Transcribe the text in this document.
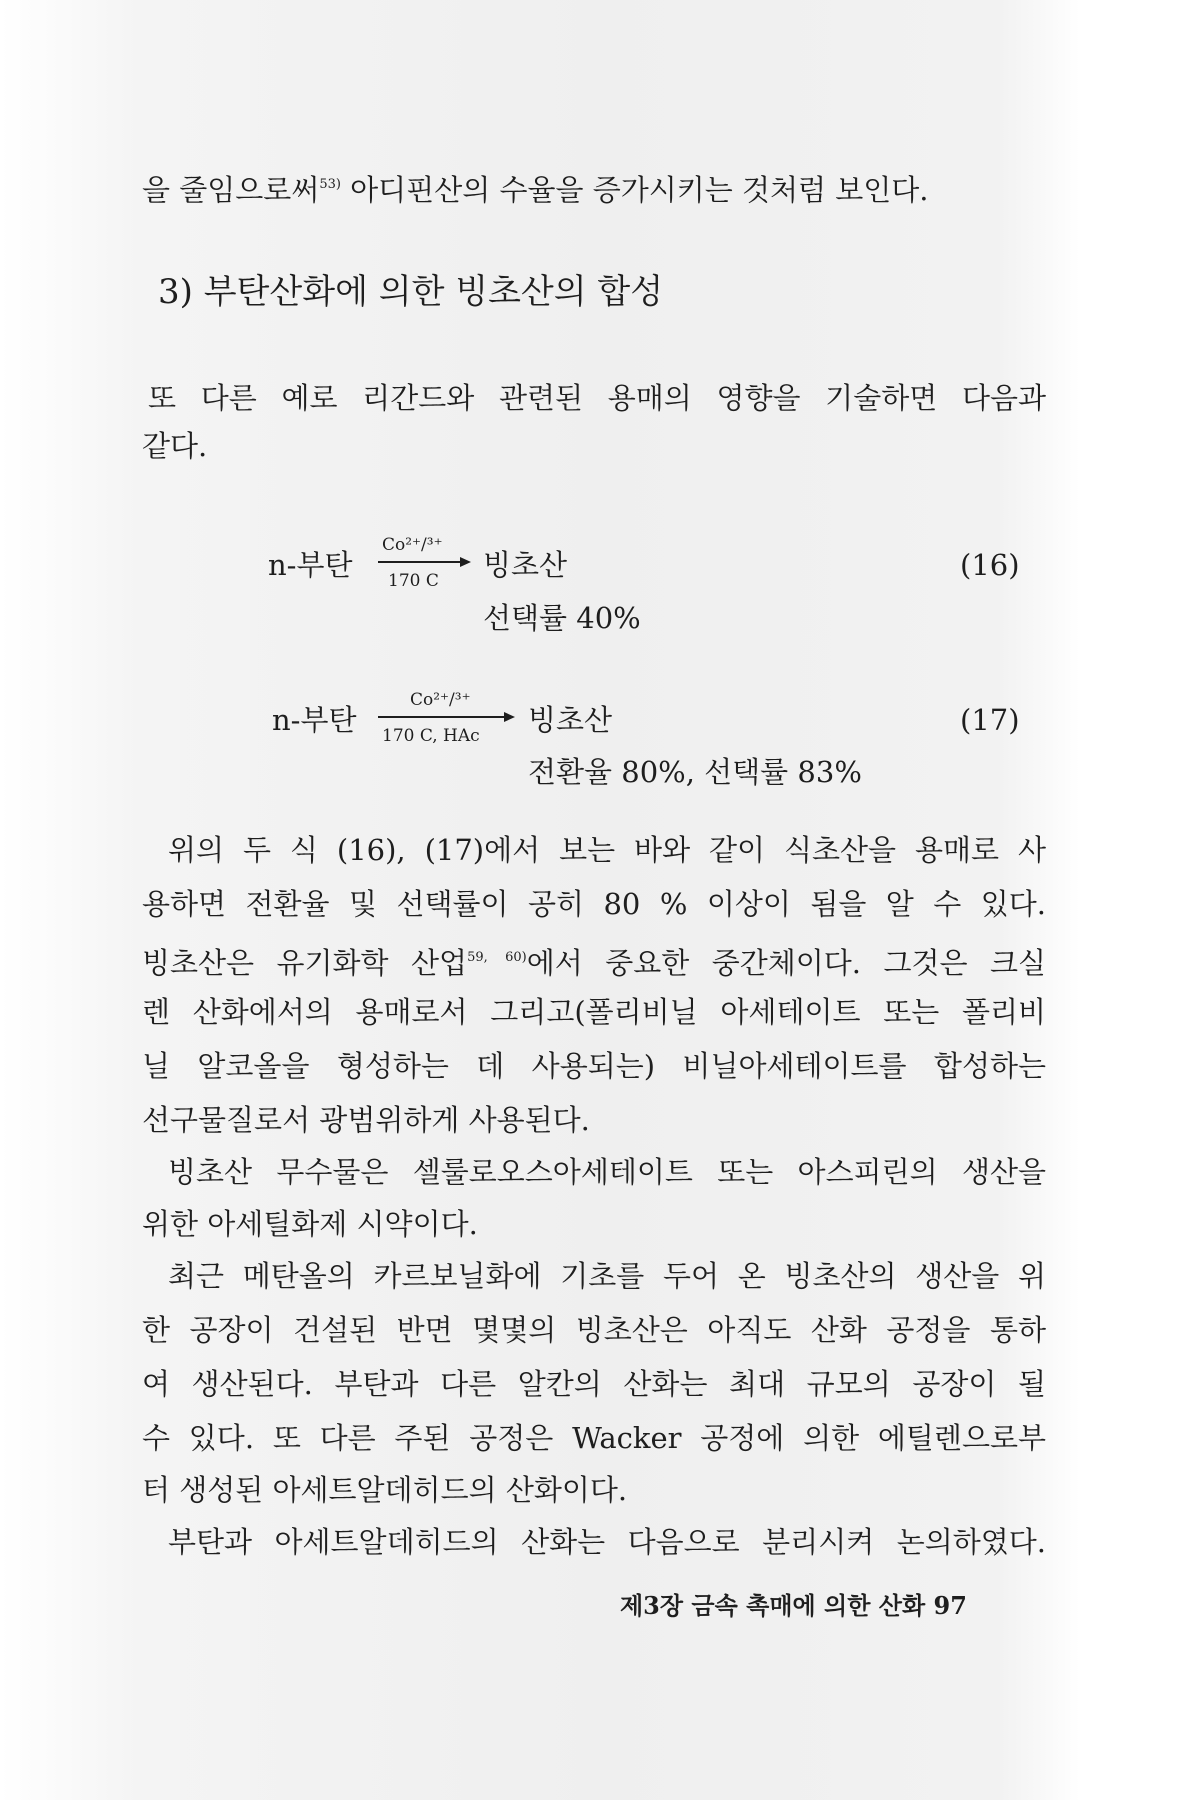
을 줄임으로써$^{53)}$ 아디핀산의 수율을 증가시키는 것처럼 보인다.
3) 부탄산화에 의한 빙초산의 합성
또 다른 예로 리간드와 관련된 용매의 영향을 기술하면 다음과
같다.
n-부탄
Co²⁺/³⁺
170 C 빙초산
선택률 40%
(16)
n-부탄
Co²⁺/³⁺
170 C, HAc 빙초산
전환율 80%, 선택률 83%
(17)
위의 두 식 (16), (17)에서 보는 바와 같이 식초산을 용매로 사
용하면 전환율 및 선택률이 공히 80 % 이상이 됨을 알 수 있다.
빙초산은 유기화학 산업$^{59, 60)}$에서 중요한 중간체이다. 그것은 크실
렌 산화에서의 용매로서 그리고(폴리비닐 아세테이트 또는 폴리비
닐 알코올을 형성하는 데 사용되는) 비닐아세테이트를 합성하는
선구물질로서 광범위하게 사용된다.
빙초산 무수물은 셀룰로오스아세테이트 또는 아스피린의 생산을
위한 아세틸화제 시약이다.
최근 메탄올의 카르보닐화에 기초를 두어 온 빙초산의 생산을 위
한 공장이 건설된 반면 몇몇의 빙초산은 아직도 산화 공정을 통하
여 생산된다. 부탄과 다른 알칸의 산화는 최대 규모의 공장이 될
수 있다. 또 다른 주된 공정은 Wacker 공정에 의한 에틸렌으로부
터 생성된 아세트알데히드의 산화이다.
부탄과 아세트알데히드의 산화는 다음으로 분리시켜 논의하였다.
제3장 금속 촉매에 의한 산화 97
